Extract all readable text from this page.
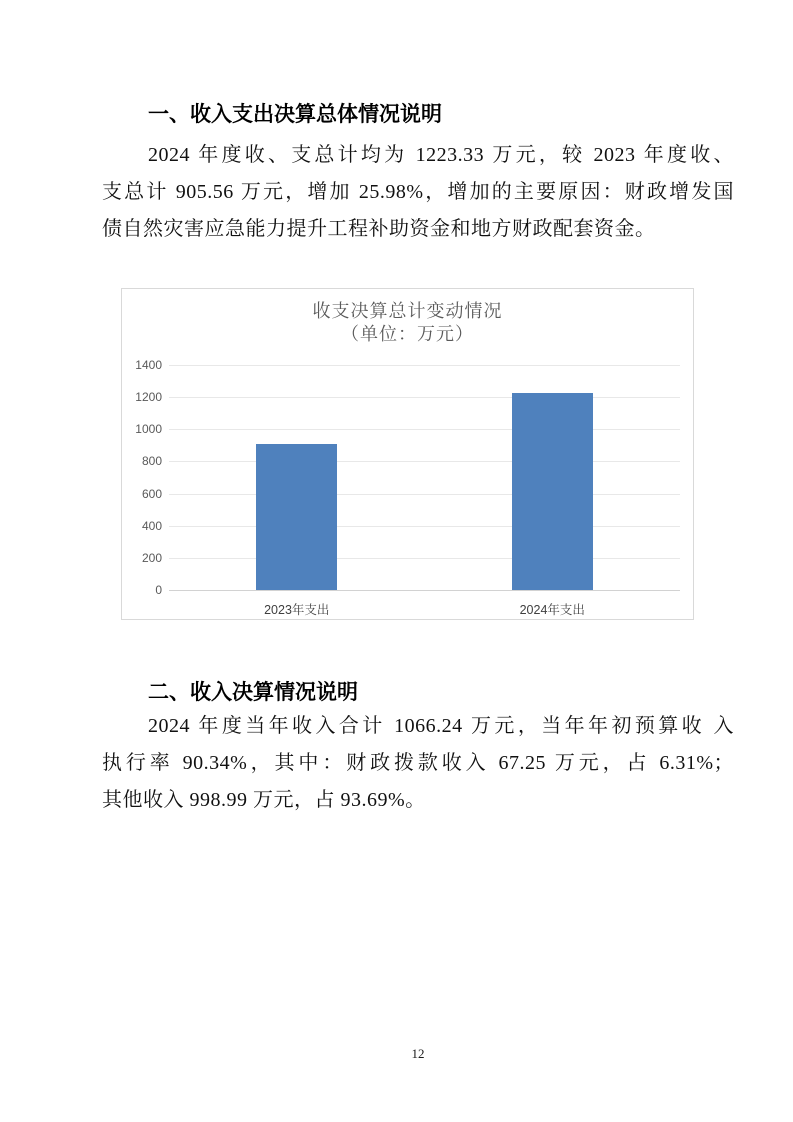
一、收入支出决算总体情况说明
2024 年度收、支总计均为 1223.33 万元，较 2023 年度收、
支总计 905.56 万元，增加 25.98%，增加的主要原因：财政增发国
债自然灾害应急能力提升工程补助资金和地方财政配套资金。
收支决算总计变动情况
（单位：万元）
0
200
400
600
800
1000
1200
1400
2023年支出	2024年支出
二、收入决算情况说明
2024 年度当年收入合计 1066.24 万元，当年年初预算收 入
执行率 90.34%，其中：财政拨款收入 67.25 万元，占 6.31%；
其他收入 998.99 万元，占 93.69%。
12
